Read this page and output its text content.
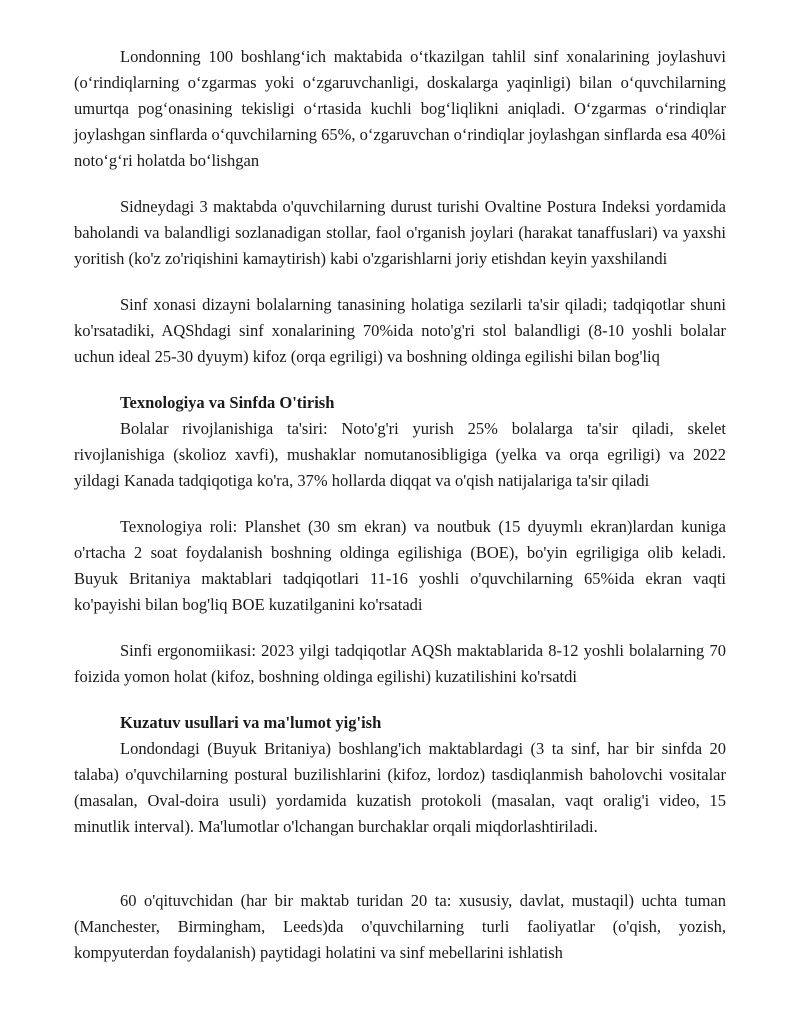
Londonning 100 boshlang‘ich maktabida o‘tkazilgan tahlil sinf xonalarining joylashuvi (o‘rindiqlarning o‘zgarmas yoki o‘zgaruvchanligi, doskalarga yaqinligi) bilan o‘quvchilarning umurtqa pog‘onasining tekisligi o‘rtasida kuchli bog‘liqlikni aniqladi. O‘zgarmas o‘rindiqlar joylashgan sinflarda o‘quvchilarning 65%, o‘zgaruvchan o‘rindiqlar joylashgan sinflarda esa 40%i noto‘g‘ri holatda bo‘lishgan

Sidneydagi 3 maktabda o'quvchilarning durust turishi Ovaltine Postura Indeksi yordamida baholandi va balandligi sozlanadigan stollar, faol o'rganish joylari (harakat tanaffuslari) va yaxshi yoritish (ko'z zo'riqishini kamaytirish) kabi o'zgarishlarni joriy etishdan keyin yaxshilandi

Sinf xonasi dizayni bolalarning tanasining holatiga sezilarli ta'sir qiladi; tadqiqotlar shuni ko'rsatadiki, AQShdagi sinf xonalarining 70%ida noto'g'ri stol balandligi (8-10 yoshli bolalar uchun ideal 25-30 dyuym) kifoz (orqa egriligi) va boshning oldinga egilishi bilan bog'liq

Texnologiya va Sinfda O'tirish

Bolalar rivojlanishiga ta'siri: Noto'g'ri yurish 25% bolalarga ta'sir qiladi, skelet rivojlanishiga (skolioz xavfi), mushaklar nomutanosibligiga (yelka va orqa egriligi) va 2022 yildagi Kanada tadqiqotiga ko'ra, 37% hollarda diqqat va o'qish natijalariga ta'sir qiladi

Texnologiya roli: Planshet (30 sm ekran) va noutbuk (15 dyuymlı ekran)lardan kuniga o'rtacha 2 soat foydalanish boshning oldinga egilishiga (BOE), bo'yin egriligiga olib keladi. Buyuk Britaniya maktablari tadqiqotlari 11-16 yoshli o'quvchilarning 65%ida ekran vaqti ko'payishi bilan bog'liq BOE kuzatilganini ko'rsatadi

Sinfi ergonomiikasi: 2023 yilgi tadqiqotlar AQSh maktablarida 8-12 yoshli bolalarning 70 foizida yomon holat (kifoz, boshning oldinga egilishi) kuzatilishini ko'rsatdi

Kuzatuv usullari va ma'lumot yig'ish

Londondagi (Buyuk Britaniya) boshlang'ich maktablardagi (3 ta sinf, har bir sinfda 20 talaba) o'quvchilarning postural buzilishlarini (kifoz, lordoz) tasdiqlanmish baholovchi vositalar (masalan, Oval-doira usuli) yordamida kuzatish protokoli (masalan, vaqt oralig'i video, 15 minutlik interval). Ma'lumotlar o'lchangan burchaklar orqali miqdorlashtiriladi.

60 o'qituvchidan (har bir maktab turidan 20 ta: xususiy, davlat, mustaqil) uchta tuman (Manchester, Birmingham, Leeds)da o'quvchilarning turli faoliyatlar (o'qish, yozish, kompyuterdan foydalanish) paytidagi holatini va sinf mebellarini ishlatish
